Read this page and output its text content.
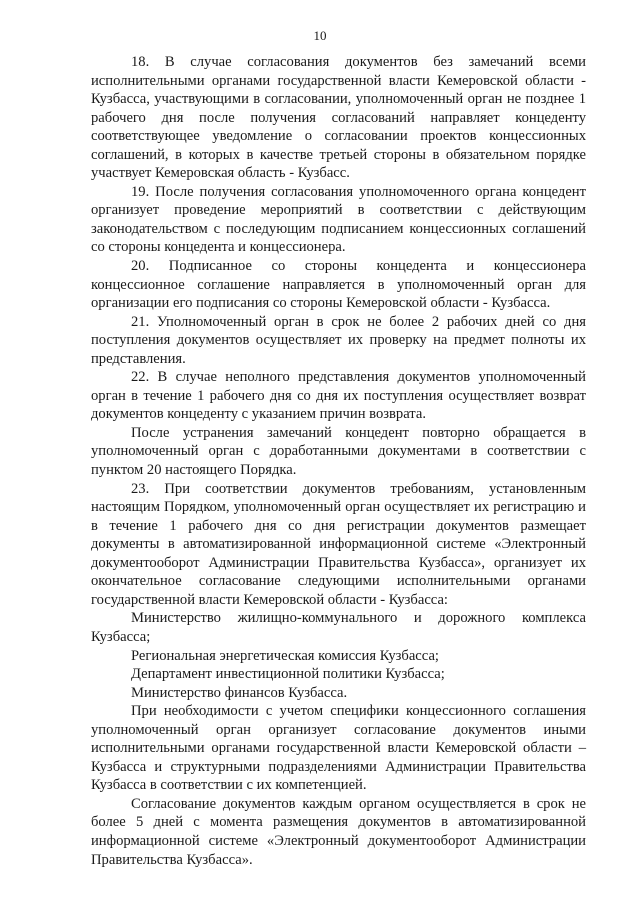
10

18. В случае согласования документов без замечаний всеми исполнительными органами государственной власти Кемеровской области - Кузбасса, участвующими в согласовании, уполномоченный орган не позднее 1 рабочего дня после получения согласований направляет концеденту соответствующее уведомление о согласовании проектов концессионных соглашений, в которых в качестве третьей стороны в обязательном порядке участвует Кемеровская область - Кузбасс.

19. После получения согласования уполномоченного органа концедент организует проведение мероприятий в соответствии с действующим законодательством с последующим подписанием концессионных соглашений со стороны концедента и концессионера.

20. Подписанное со стороны концедента и концессионера концессионное соглашение направляется в уполномоченный орган для организации его подписания со стороны Кемеровской области - Кузбасса.

21. Уполномоченный орган в срок не более 2 рабочих дней со дня поступления документов осуществляет их проверку на предмет полноты их представления.

22. В случае неполного представления документов уполномоченный орган в течение 1 рабочего дня со дня их поступления осуществляет возврат документов концеденту с указанием причин возврата.

После устранения замечаний концедент повторно обращается в уполномоченный орган с доработанными документами в соответствии с пунктом 20 настоящего Порядка.

23. При соответствии документов требованиям, установленным настоящим Порядком, уполномоченный орган осуществляет их регистрацию и в течение 1 рабочего дня со дня регистрации документов размещает документы в автоматизированной информационной системе «Электронный документооборот Администрации Правительства Кузбасса», организует их окончательное согласование следующими исполнительными органами государственной власти Кемеровской области - Кузбасса:

Министерство жилищно-коммунального и дорожного комплекса Кузбасса;

Региональная энергетическая комиссия Кузбасса;

Департамент инвестиционной политики Кузбасса;

Министерство финансов Кузбасса.

При необходимости с учетом специфики концессионного соглашения уполномоченный орган организует согласование документов иными исполнительными органами государственной власти Кемеровской области – Кузбасса и структурными подразделениями Администрации Правительства Кузбасса в соответствии с их компетенцией.

Согласование документов каждым органом осуществляется в срок не более 5 дней с момента размещения документов в автоматизированной информационной системе «Электронный документооборот Администрации Правительства Кузбасса».
